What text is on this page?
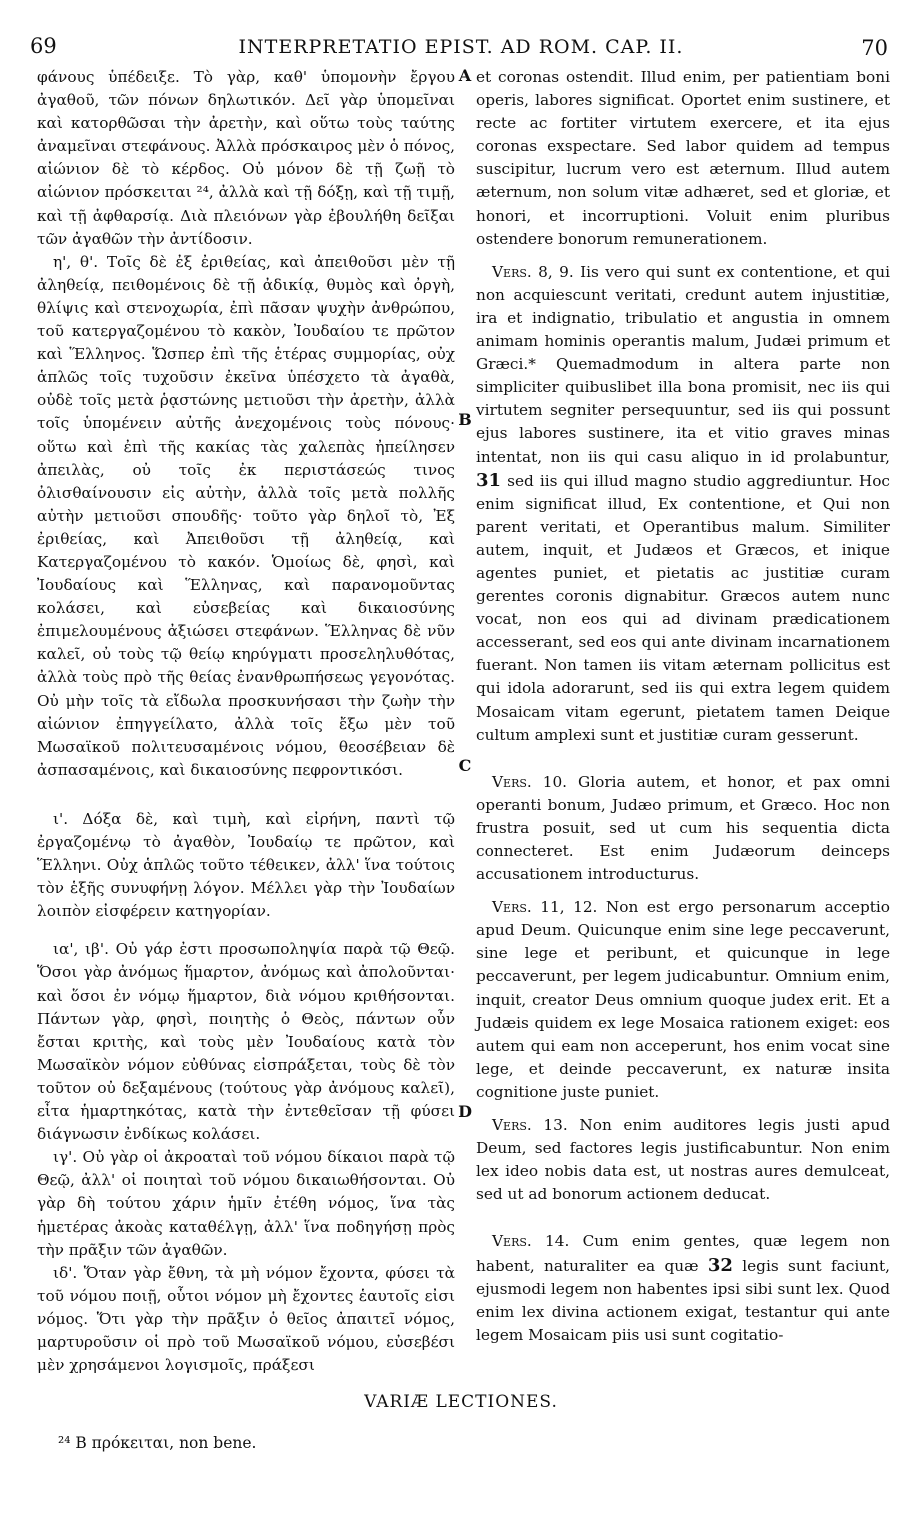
69	INTERPRETATIO EPIST. AD ROM. CAP. II.	70

φάνους ὑπέδειξε. Τὸ γὰρ, καθ' ὑπομονὴν ἔργου ἀγαθοῦ, τῶν πόνων δηλωτικόν. Δεῖ γὰρ ὑπομεῖναι καὶ κατορθῶσαι τὴν ἀρετὴν, καὶ οὕτω τοὺς ταύτης ἀναμεῖναι στεφάνους. Ἀλλὰ πρόσκαιρος μὲν ὁ πόνος, αἰώνιον δὲ τὸ κέρδος. Οὐ μόνον δὲ τῇ ζωῇ τὸ αἰώνιον πρόσκειται ²⁴, ἀλλὰ καὶ τῇ δόξῃ, καὶ τῇ τιμῇ, καὶ τῇ ἀφθαρσίᾳ. Διὰ πλειόνων γὰρ ἐβουλήθη δεῖξαι τῶν ἀγαθῶν τὴν ἀντίδοσιν.

η', θ'. Τοῖς δὲ ἐξ ἐριθείας, καὶ ἀπειθοῦσι μὲν τῇ ἀληθείᾳ, πειθομένοις δὲ τῇ ἀδικίᾳ, θυμὸς καὶ ὀργὴ, θλίψις καὶ στενοχωρία, ἐπὶ πᾶσαν ψυχὴν ἀνθρώπου, τοῦ κατεργαζομένου τὸ κακὸν, Ἰουδαίου τε πρῶτον καὶ Ἕλληνος. Ὥσπερ ἐπὶ τῆς ἑτέρας συμμορίας, οὐχ ἁπλῶς τοῖς τυχοῦσιν ἐκεῖνα ὑπέσχετο τὰ ἀγαθὰ, οὐδὲ τοῖς μετὰ ῥᾳστώνης μετιοῦσι τὴν ἀρετὴν, ἀλλὰ τοῖς ὑπομένειν αὐτῆς ἀνεχομένοις τοὺς πόνους· οὕτω καὶ ἐπὶ τῆς κακίας τὰς χαλεπὰς ἠπείλησεν ἀπειλὰς, οὐ τοῖς ἐκ περιστάσεώς τινος ὀλισθαίνουσιν εἰς αὐτὴν, ἀλλὰ τοῖς μετὰ πολλῆς αὐτὴν μετιοῦσι σπουδῆς· τοῦτο γὰρ δηλοῖ τὸ, Ἐξ ἐριθείας, καὶ Ἀπειθοῦσι τῇ ἀληθείᾳ, καὶ Κατεργαζομένου τὸ κακόν. Ὁμοίως δὲ, φησὶ, καὶ Ἰουδαίους καὶ Ἕλληνας, καὶ παρανομοῦντας κολάσει, καὶ εὐσεβείας καὶ δικαιοσύνης ἐπιμελουμένους ἀξιώσει στεφάνων. Ἕλληνας δὲ νῦν καλεῖ, οὐ τοὺς τῷ θείῳ κηρύγματι προσεληλυθότας, ἀλλὰ τοὺς πρὸ τῆς θείας ἐνανθρωπήσεως γεγονότας. Οὐ μὴν τοῖς τὰ εἴδωλα προσκυνήσασι τὴν ζωὴν τὴν αἰώνιον ἐπηγγείλατο, ἀλλὰ τοῖς ἔξω μὲν τοῦ Μωσαϊκοῦ πολιτευσαμένοις νόμου, θεοσέβειαν δὲ ἀσπασαμένοις, καὶ δικαιοσύνης πεφροντικόσι.

ι'. Δόξα δὲ, καὶ τιμὴ, καὶ εἰρήνη, παντὶ τῷ ἐργαζομένῳ τὸ ἀγαθὸν, Ἰουδαίῳ τε πρῶτον, καὶ Ἕλληνι. Οὐχ ἁπλῶς τοῦτο τέθεικεν, ἀλλ' ἵνα τούτοις τὸν ἑξῆς συνυφήνῃ λόγον. Μέλλει γὰρ τὴν Ἰουδαίων λοιπὸν εἰσφέρειν κατηγορίαν.

ια', ιβ'. Οὐ γάρ ἐστι προσωποληψία παρὰ τῷ Θεῷ. Ὅσοι γὰρ ἀνόμως ἥμαρτον, ἀνόμως καὶ ἀπολοῦνται· καὶ ὅσοι ἐν νόμῳ ἥμαρτον, διὰ νόμου κριθήσονται. Πάντων γὰρ, φησὶ, ποιητὴς ὁ Θεὸς, πάντων οὖν ἔσται κριτὴς, καὶ τοὺς μὲν Ἰουδαίους κατὰ τὸν Μωσαϊκὸν νόμον εὐθύνας εἰσπράξεται, τοὺς δὲ τὸν τοῦτον οὐ δεξαμένους (τούτους γὰρ ἀνόμους καλεῖ), εἶτα ἡμαρτηκότας, κατὰ τὴν ἐντεθεῖσαν τῇ φύσει διάγνωσιν ἐνδίκως κολάσει.

ιγ'. Οὐ γὰρ οἱ ἀκροαταὶ τοῦ νόμου δίκαιοι παρὰ τῷ Θεῷ, ἀλλ' οἱ ποιηταὶ τοῦ νόμου δικαιωθήσονται. Οὐ γὰρ δὴ τούτου χάριν ἡμῖν ἐτέθη νόμος, ἵνα τὰς ἡμετέρας ἀκοὰς καταθέλγῃ, ἀλλ' ἵνα ποδηγήσῃ πρὸς τὴν πρᾶξιν τῶν ἀγαθῶν.

ιδ'. Ὅταν γὰρ ἔθνη, τὰ μὴ νόμον ἔχοντα, φύσει τὰ τοῦ νόμου ποιῇ, οὗτοι νόμον μὴ ἔχοντες ἑαυτοῖς εἰσι νόμος. Ὅτι γὰρ τὴν πρᾶξιν ὁ θεῖος ἀπαιτεῖ νόμος, μαρτυροῦσιν οἱ πρὸ τοῦ Μωσαϊκοῦ νόμου, εὐσεβέσι μὲν χρησάμενοι λογισμοῖς, πράξεσι

et coronas ostendit. Illud enim, per patientiam boni operis, labores significat. Oportet enim sustinere, et recte ac fortiter virtutem exercere, et ita ejus coronas exspectare. Sed labor quidem ad tempus suscipitur, lucrum vero est æternum. Illud autem æternum, non solum vitæ adhæret, sed et gloriæ, et honori, et incorruptioni. Voluit enim pluribus ostendere bonorum remunerationem.

Vers. 8, 9. Iis vero qui sunt ex contentione, et qui non acquiescunt veritati, credunt autem injustitiæ, ira et indignatio, tribulatio et angustia in omnem animam hominis operantis malum, Judæi primum et Græci.* Quemadmodum in altera parte non simpliciter quibuslibet illa bona promisit, nec iis qui virtutem segniter persequuntur, sed iis qui possunt ejus labores sustinere, ita et vitio graves minas intentat, non iis qui casu aliquo in id prolabuntur, 31 sed iis qui illud magno studio aggrediuntur. Hoc enim significat illud, Ex contentione, et Qui non parent veritati, et Operantibus malum. Similiter autem, inquit, et Judæos et Græcos, et inique agentes puniet, et pietatis ac justitiæ curam gerentes coronis dignabitur. Græcos autem nunc vocat, non eos qui ad divinam prædicationem accesserant, sed eos qui ante divinam incarnationem fuerant. Non tamen iis vitam æternam pollicitus est qui idola adorarunt, sed iis qui extra legem quidem Mosaicam vitam egerunt, pietatem tamen Deique cultum amplexi sunt et justitiæ curam gesserunt.

Vers. 10. Gloria autem, et honor, et pax omni operanti bonum, Judæo primum, et Græco. Hoc non frustra posuit, sed ut cum his sequentia dicta connecteret. Est enim Judæorum deinceps accusationem introducturus.

Vers. 11, 12. Non est ergo personarum acceptio apud Deum. Quicunque enim sine lege peccaverunt, sine lege et peribunt, et quicunque in lege peccaverunt, per legem judicabuntur. Omnium enim, inquit, creator Deus omnium quoque judex erit. Et a Judæis quidem ex lege Mosaica rationem exiget: eos autem qui eam non acceperunt, hos enim vocat sine lege, et deinde peccaverunt, ex naturæ insita cognitione juste puniet.

Vers. 13. Non enim auditores legis justi apud Deum, sed factores legis justificabuntur. Non enim lex ideo nobis data est, ut nostras aures demulceat, sed ut ad bonorum actionem deducat.

Vers. 14. Cum enim gentes, quæ legem non habent, naturaliter ea quæ 32 legis sunt faciunt, ejusmodi legem non habentes ipsi sibi sunt lex. Quod enim lex divina actionem exigat, testantur qui ante legem Mosaicam piis usi sunt cogitatio-

A
B
C
D
VARIÆ LECTIONES.
²⁴ B πρόκειται, non bene.
